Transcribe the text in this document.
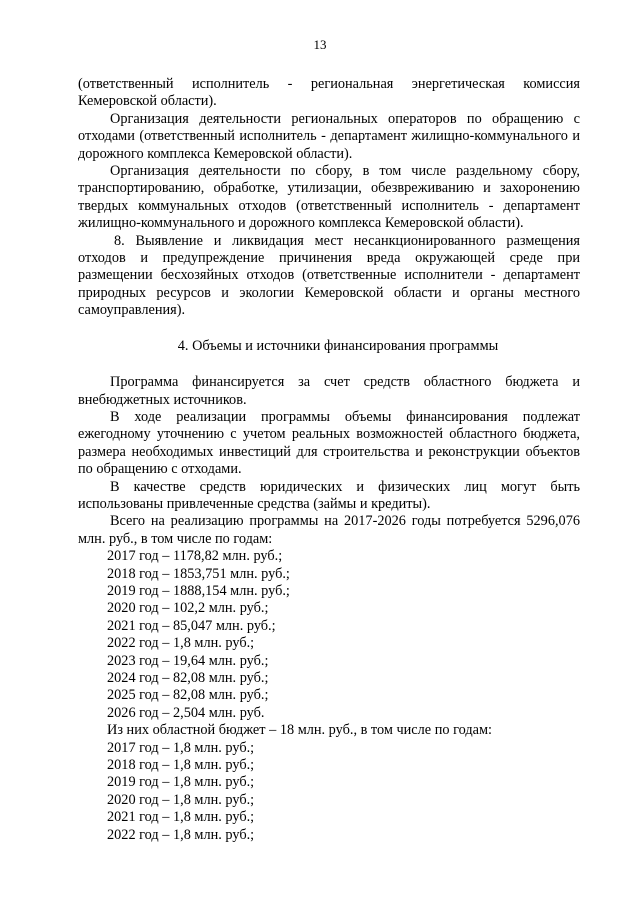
13

(ответственный исполнитель - региональная энергетическая комиссия Кемеровской области).

Организация деятельности региональных операторов по обращению с отходами (ответственный исполнитель - департамент жилищно-коммунального и дорожного комплекса Кемеровской области).

Организация деятельности по сбору, в том числе раздельному сбору, транспортированию, обработке, утилизации, обезвреживанию и захоронению твердых коммунальных отходов (ответственный исполнитель - департамент жилищно-коммунального и дорожного комплекса Кемеровской области).

8. Выявление и ликвидация мест несанкционированного размещения отходов и предупреждение причинения вреда окружающей среде при размещении бесхозяйных отходов (ответственные исполнители - департамент природных ресурсов и экологии Кемеровской области и органы местного самоуправления).

4. Объемы и источники финансирования программы

Программа финансируется за счет средств областного бюджета и внебюджетных источников.

В ходе реализации программы объемы финансирования подлежат ежегодному уточнению с учетом реальных возможностей областного бюджета, размера необходимых инвестиций для строительства и реконструкции объектов по обращению с отходами.

В качестве средств юридических и физических лиц могут быть использованы привлеченные средства (займы и кредиты).

Всего на реализацию программы на 2017-2026 годы потребуется 5296,076 млн. руб., в том числе по годам:

2017 год – 1178,82 млн. руб.;

2018 год – 1853,751 млн. руб.;

2019 год – 1888,154 млн. руб.;

2020 год – 102,2 млн. руб.;

2021 год – 85,047 млн. руб.;

2022 год – 1,8 млн. руб.;

2023 год – 19,64 млн. руб.;

2024 год – 82,08 млн. руб.;

2025 год – 82,08 млн. руб.;

2026 год – 2,504 млн. руб.

Из них областной бюджет – 18 млн. руб., в том числе по годам:

2017 год – 1,8 млн. руб.;

2018 год – 1,8 млн. руб.;

2019 год – 1,8 млн. руб.;

2020 год – 1,8 млн. руб.;

2021 год – 1,8 млн. руб.;

2022 год – 1,8 млн. руб.;
